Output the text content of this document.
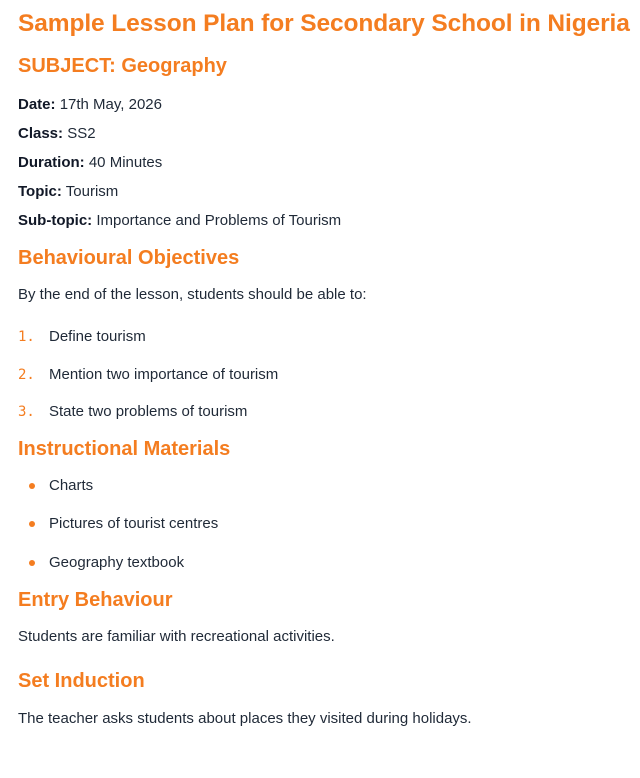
Sample Lesson Plan for Secondary School in Nigeria
SUBJECT: Geography
Date: 17th May, 2026
Class: SS2
Duration: 40 Minutes
Topic: Tourism
Sub-topic: Importance and Problems of Tourism
Behavioural Objectives

By the end of the lesson, students should be able to:

1. Define tourism
2. Mention two importance of tourism
3. State two problems of tourism
Instructional Materials
Charts
Pictures of tourist centres
Geography textbook
Entry Behaviour

Students are familiar with recreational activities.

Set Induction

The teacher asks students about places they visited during holidays.
